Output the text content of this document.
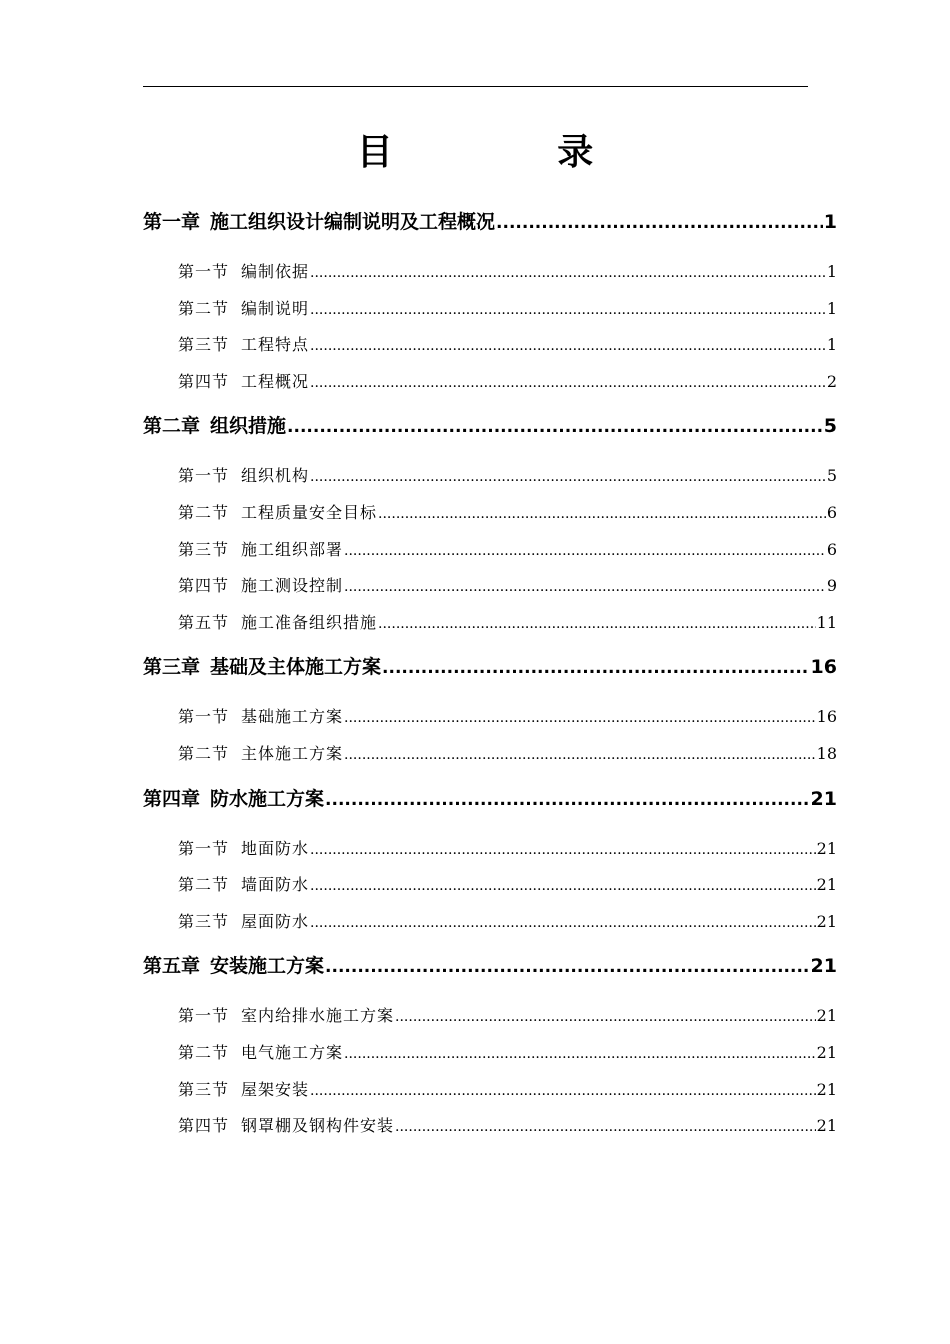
目 录
第一章 施工组织设计编制说明及工程概况 .....	1
第一节 编制依据 .....	1
第二节 编制说明 .....	1
第三节 工程特点 .....	1
第四节 工程概况 .....	2
第二章 组织措施 .....	5
第一节 组织机构 .....	5
第二节 工程质量安全目标 .....	6
第三节 施工组织部署 .....	6
第四节 施工测设控制 .....	9
第五节 施工准备组织措施 .....	11
第三章 基础及主体施工方案 .....	16
第一节 基础施工方案 .....	16
第二节 主体施工方案 .....	18
第四章 防水施工方案 .....	21
第一节 地面防水 .....	21
第二节 墙面防水 .....	21
第三节 屋面防水 .....	21
第五章 安装施工方案 .....	21
第一节 室内给排水施工方案 .....	21
第二节 电气施工方案 .....	21
第三节 屋架安装 .....	21
第四节 钢罩棚及钢构件安装 .....	21
